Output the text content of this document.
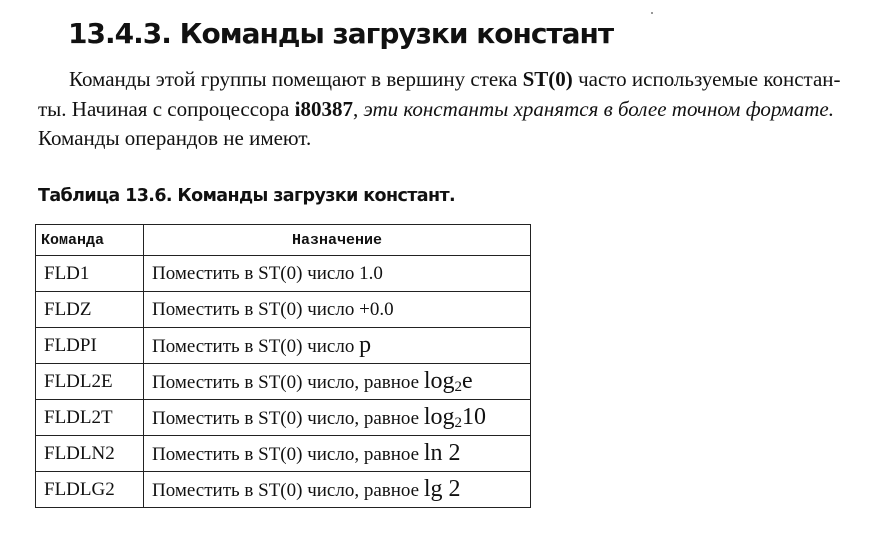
13.4.3. Команды загрузки констант

Команды этой группы помещают в вершину стека ST(0) часто используемые констан-
ты. Начиная с сопроцессора i80387, эти константы хранятся в более точном формате.
Команды операндов не имеют.

Таблица 13.6. Команды загрузки констант.

Команда	Назначение
FLD1	Поместить в ST(0) число 1.0
FLDZ	Поместить в ST(0) число +0.0
FLDPI	Поместить в ST(0) число p
FLDL2E	Поместить в ST(0) число, равное $\log_2e$
FLDL2T	Поместить в ST(0) число, равное $\log_210$
FLDLN2	Поместить в ST(0) число, равное ln 2
FLDLG2	Поместить в ST(0) число, равное lg 2
